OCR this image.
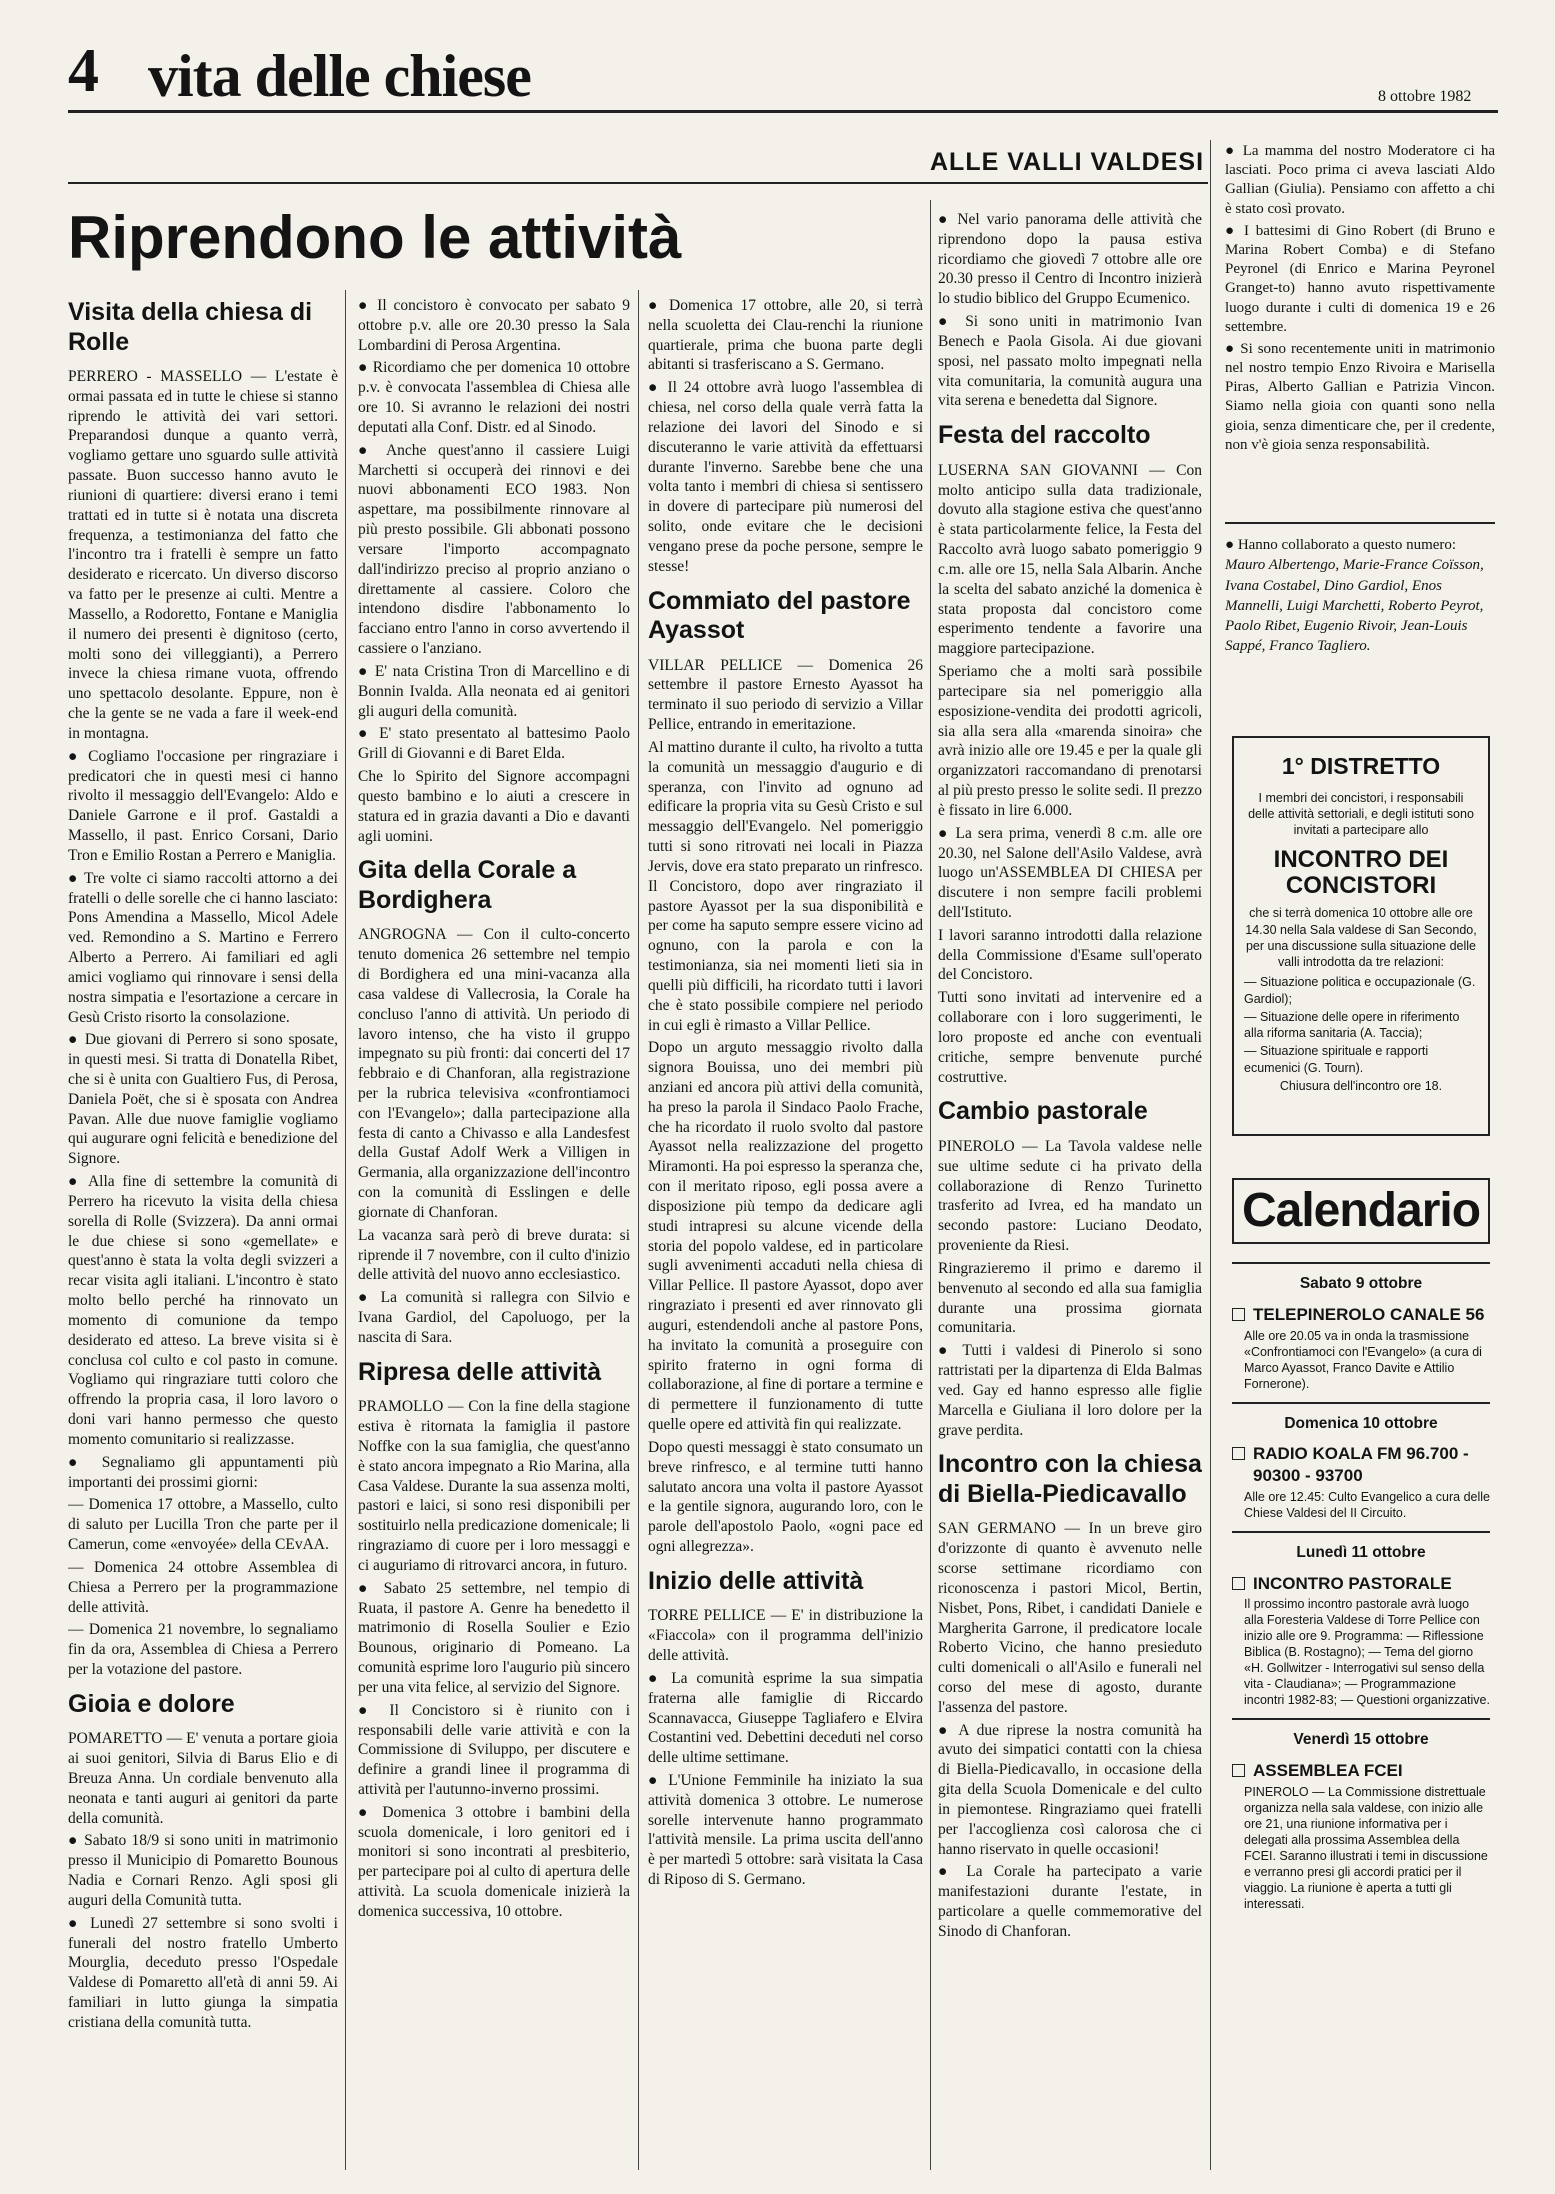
4 vita delle chiese	8 ottobre 1982
ALLE VALLI VALDESI
Riprendono le attività
Visita della chiesa di Rolle

PERRERO - MASSELLO — L'estate è ormai passata ed in tutte le chiese si stanno riprendo le attività dei vari settori. Preparandosi dunque a quanto verrà, vogliamo gettare uno sguardo sulle attività passate. Buon successo hanno avuto le riunioni di quartiere: diversi erano i temi trattati ed in tutte si è notata una discreta frequenza, a testimonianza del fatto che l'incontro tra i fratelli è sempre un fatto desiderato e ricercato. Un diverso discorso va fatto per le presenze ai culti. Mentre a Massello, a Rodoretto, Fontane e Maniglia il numero dei presenti è dignitoso (certo, molti sono dei villeggianti), a Perrero invece la chiesa rimane vuota, offrendo uno spettacolo desolante. Eppure, non è che la gente se ne vada a fare il week-end in montagna.

● Cogliamo l'occasione per ringraziare i predicatori che in questi mesi ci hanno rivolto il messaggio dell'Evangelo: Aldo e Daniele Garrone e il prof. Gastaldi a Massello, il past. Enrico Corsani, Dario Tron e Emilio Rostan a Perrero e Maniglia.

● Tre volte ci siamo raccolti attorno a dei fratelli o delle sorelle che ci hanno lasciato: Pons Amendina a Massello, Micol Adele ved. Remondino a S. Martino e Ferrero Alberto a Perrero. Ai familiari ed agli amici vogliamo qui rinnovare i sensi della nostra simpatia e l'esortazione a cercare in Gesù Cristo risorto la consolazione.

● Due giovani di Perrero si sono sposate, in questi mesi. Si tratta di Donatella Ribet, che si è unita con Gualtiero Fus, di Perosa, Daniela Poët, che si è sposata con Andrea Pavan. Alle due nuove famiglie vogliamo qui augurare ogni felicità e benedizione del Signore.

● Alla fine di settembre la comunità di Perrero ha ricevuto la visita della chiesa sorella di Rolle (Svizzera). Da anni ormai le due chiese si sono «gemellate» e quest'anno è stata la volta degli svizzeri a recar visita agli italiani. L'incontro è stato molto bello perché ha rinnovato un momento di comunione da tempo desiderato ed atteso. La breve visita si è conclusa col culto e col pasto in comune. Vogliamo qui ringraziare tutti coloro che offrendo la propria casa, il loro lavoro o doni vari hanno permesso che questo momento comunitario si realizzasse.

● Segnaliamo gli appuntamenti più importanti dei prossimi giorni:

— Domenica 17 ottobre, a Massello, culto di saluto per Lucilla Tron che parte per il Camerun, come «envoyée» della CEvAA.

— Domenica 24 ottobre Assemblea di Chiesa a Perrero per la programmazione delle attività.

— Domenica 21 novembre, lo segnaliamo fin da ora, Assemblea di Chiesa a Perrero per la votazione del pastore.

Gioia e dolore

POMARETTO — E' venuta a portare gioia ai suoi genitori, Silvia di Barus Elio e di Breuza Anna. Un cordiale benvenuto alla neonata e tanti auguri ai genitori da parte della comunità.

● Sabato 18/9 si sono uniti in matrimonio presso il Municipio di Pomaretto Bounous Nadia e Cornari Renzo. Agli sposi gli auguri della Comunità tutta.

● Lunedì 27 settembre si sono svolti i funerali del nostro fratello Umberto Mourglia, deceduto presso l'Ospedale Valdese di Pomaretto all'età di anni 59. Ai familiari in lutto giunga la simpatia cristiana della comunità tutta.

● Il concistoro è convocato per sabato 9 ottobre p.v. alle ore 20.30 presso la Sala Lombardini di Perosa Argentina.

● Ricordiamo che per domenica 10 ottobre p.v. è convocata l'assemblea di Chiesa alle ore 10. Si avranno le relazioni dei nostri deputati alla Conf. Distr. ed al Sinodo.

● Anche quest'anno il cassiere Luigi Marchetti si occuperà dei rinnovi e dei nuovi abbonamenti ECO 1983. Non aspettare, ma possibilmente rinnovare al più presto possibile. Gli abbonati possono versare l'importo accompagnato dall'indirizzo preciso al proprio anziano o direttamente al cassiere. Coloro che intendono disdire l'abbonamento lo facciano entro l'anno in corso avvertendo il cassiere o l'anziano.

● E' nata Cristina Tron di Marcellino e di Bonnin Ivalda. Alla neonata ed ai genitori gli auguri della comunità.

● E' stato presentato al battesimo Paolo Grill di Giovanni e di Baret Elda.

Che lo Spirito del Signore accompagni questo bambino e lo aiuti a crescere in statura ed in grazia davanti a Dio e davanti agli uomini.

Gita della Corale a Bordighera

ANGROGNA — Con il culto-concerto tenuto domenica 26 settembre nel tempio di Bordighera ed una mini-vacanza alla casa valdese di Vallecrosia, la Corale ha concluso l'anno di attività. Un periodo di lavoro intenso, che ha visto il gruppo impegnato su più fronti: dai concerti del 17 febbraio e di Chanforan, alla registrazione per la rubrica televisiva «confrontiamoci con l'Evangelo»; dalla partecipazione alla festa di canto a Chivasso e alla Landesfest della Gustaf Adolf Werk a Villigen in Germania, alla organizzazione dell'incontro con la comunità di Esslingen e delle giornate di Chanforan.

La vacanza sarà però di breve durata: si riprende il 7 novembre, con il culto d'inizio delle attività del nuovo anno ecclesiastico.

● La comunità si rallegra con Silvio e Ivana Gardiol, del Capoluogo, per la nascita di Sara.

Ripresa delle attività

PRAMOLLO — Con la fine della stagione estiva è ritornata la famiglia il pastore Noffke con la sua famiglia, che quest'anno è stato ancora impegnato a Rio Marina, alla Casa Valdese. Durante la sua assenza molti, pastori e laici, si sono resi disponibili per sostituirlo nella predicazione domenicale; li ringraziamo di cuore per i loro messaggi e ci auguriamo di ritrovarci ancora, in futuro.

● Sabato 25 settembre, nel tempio di Ruata, il pastore A. Genre ha benedetto il matrimonio di Rosella Soulier e Ezio Bounous, originario di Pomeano. La comunità esprime loro l'augurio più sincero per una vita felice, al servizio del Signore.

● Il Concistoro si è riunito con i responsabili delle varie attività e con la Commissione di Sviluppo, per discutere e definire a grandi linee il programma di attività per l'autunno-inverno prossimi.

● Domenica 3 ottobre i bambini della scuola domenicale, i loro genitori ed i monitori si sono incontrati al presbiterio, per partecipare poi al culto di apertura delle attività. La scuola domenicale inizierà la domenica successiva, 10 ottobre.

● Domenica 17 ottobre, alle 20, si terrà nella scuoletta dei Clau-renchi la riunione quartierale, prima che buona parte degli abitanti si trasferiscano a S. Germano.

● Il 24 ottobre avrà luogo l'assemblea di chiesa, nel corso della quale verrà fatta la relazione dei lavori del Sinodo e si discuteranno le varie attività da effettuarsi durante l'inverno. Sarebbe bene che una volta tanto i membri di chiesa si sentissero in dovere di partecipare più numerosi del solito, onde evitare che le decisioni vengano prese da poche persone, sempre le stesse!

Commiato del pastore Ayassot

VILLAR PELLICE — Domenica 26 settembre il pastore Ernesto Ayassot ha terminato il suo periodo di servizio a Villar Pellice, entrando in emeritazione.

Al mattino durante il culto, ha rivolto a tutta la comunità un messaggio d'augurio e di speranza, con l'invito ad ognuno ad edificare la propria vita su Gesù Cristo e sul messaggio dell'Evangelo. Nel pomeriggio tutti si sono ritrovati nei locali in Piazza Jervis, dove era stato preparato un rinfresco. Il Concistoro, dopo aver ringraziato il pastore Ayassot per la sua disponibilità e per come ha saputo sempre essere vicino ad ognuno, con la parola e con la testimonianza, sia nei momenti lieti sia in quelli più difficili, ha ricordato tutti i lavori che è stato possibile compiere nel periodo in cui egli è rimasto a Villar Pellice.

Dopo un arguto messaggio rivolto dalla signora Bouissa, uno dei membri più anziani ed ancora più attivi della comunità, ha preso la parola il Sindaco Paolo Frache, che ha ricordato il ruolo svolto dal pastore Ayassot nella realizzazione del progetto Miramonti. Ha poi espresso la speranza che, con il meritato riposo, egli possa avere a disposizione più tempo da dedicare agli studi intrapresi su alcune vicende della storia del popolo valdese, ed in particolare sugli avvenimenti accaduti nella chiesa di Villar Pellice. Il pastore Ayassot, dopo aver ringraziato i presenti ed aver rinnovato gli auguri, estendendoli anche al pastore Pons, ha invitato la comunità a proseguire con spirito fraterno in ogni forma di collaborazione, al fine di portare a termine e di permettere il funzionamento di tutte quelle opere ed attività fin qui realizzate.

Dopo questi messaggi è stato consumato un breve rinfresco, e al termine tutti hanno salutato ancora una volta il pastore Ayassot e la gentile signora, augurando loro, con le parole dell'apostolo Paolo, «ogni pace ed ogni allegrezza».

Inizio delle attività

TORRE PELLICE — E' in distribuzione la «Fiaccola» con il programma dell'inizio delle attività.

● La comunità esprime la sua simpatia fraterna alle famiglie di Riccardo Scannavacca, Giuseppe Tagliafero e Elvira Costantini ved. Debettini deceduti nel corso delle ultime settimane.

● L'Unione Femminile ha iniziato la sua attività domenica 3 ottobre. Le numerose sorelle intervenute hanno programmato l'attività mensile. La prima uscita dell'anno è per martedì 5 ottobre: sarà visitata la Casa di Riposo di S. Germano.

● Nel vario panorama delle attività che riprendono dopo la pausa estiva ricordiamo che giovedì 7 ottobre alle ore 20.30 presso il Centro di Incontro inizierà lo studio biblico del Gruppo Ecumenico.

● Si sono uniti in matrimonio Ivan Benech e Paola Gisola. Ai due giovani sposi, nel passato molto impegnati nella vita comunitaria, la comunità augura una vita serena e benedetta dal Signore.

Festa del raccolto

LUSERNA SAN GIOVANNI — Con molto anticipo sulla data tradizionale, dovuto alla stagione estiva che quest'anno è stata particolarmente felice, la Festa del Raccolto avrà luogo sabato pomeriggio 9 c.m. alle ore 15, nella Sala Albarin. Anche la scelta del sabato anziché la domenica è stata proposta dal concistoro come esperimento tendente a favorire una maggiore partecipazione.

Speriamo che a molti sarà possibile partecipare sia nel pomeriggio alla esposizione-vendita dei prodotti agricoli, sia alla sera alla «marenda sinoira» che avrà inizio alle ore 19.45 e per la quale gli organizzatori raccomandano di prenotarsi al più presto presso le solite sedi. Il prezzo è fissato in lire 6.000.

● La sera prima, venerdì 8 c.m. alle ore 20.30, nel Salone dell'Asilo Valdese, avrà luogo un'ASSEMBLEA DI CHIESA per discutere i non sempre facili problemi dell'Istituto.

I lavori saranno introdotti dalla relazione della Commissione d'Esame sull'operato del Concistoro.

Tutti sono invitati ad intervenire ed a collaborare con i loro suggerimenti, le loro proposte ed anche con eventuali critiche, sempre benvenute purché costruttive.

Cambio pastorale

PINEROLO — La Tavola valdese nelle sue ultime sedute ci ha privato della collaborazione di Renzo Turinetto trasferito ad Ivrea, ed ha mandato un secondo pastore: Luciano Deodato, proveniente da Riesi.

Ringrazieremo il primo e daremo il benvenuto al secondo ed alla sua famiglia durante una prossima giornata comunitaria.

● Tutti i valdesi di Pinerolo si sono rattristati per la dipartenza di Elda Balmas ved. Gay ed hanno espresso alle figlie Marcella e Giuliana il loro dolore per la grave perdita.

Incontro con la chiesa di Biella-Piedicavallo

SAN GERMANO — In un breve giro d'orizzonte di quanto è avvenuto nelle scorse settimane ricordiamo con riconoscenza i pastori Micol, Bertin, Nisbet, Pons, Ribet, i candidati Daniele e Margherita Garrone, il predicatore locale Roberto Vicino, che hanno presieduto culti domenicali o all'Asilo e funerali nel corso del mese di agosto, durante l'assenza del pastore.

● A due riprese la nostra comunità ha avuto dei simpatici contatti con la chiesa di Biella-Piedicavallo, in occasione della gita della Scuola Domenicale e del culto in piemontese. Ringraziamo quei fratelli per l'accoglienza così calorosa che ci hanno riservato in quelle occasioni!

● La Corale ha partecipato a varie manifestazioni durante l'estate, in particolare a quelle commemorative del Sinodo di Chanforan.

● La mamma del nostro Moderatore ci ha lasciati. Poco prima ci aveva lasciati Aldo Gallian (Giulia). Pensiamo con affetto a chi è stato così provato.

● I battesimi di Gino Robert (di Bruno e Marina Robert Comba) e di Stefano Peyronel (di Enrico e Marina Peyronel Granget-to) hanno avuto rispettivamente luogo durante i culti di domenica 19 e 26 settembre.

● Si sono recentemente uniti in matrimonio nel nostro tempio Enzo Rivoira e Marisella Piras, Alberto Gallian e Patrizia Vincon. Siamo nella gioia con quanti sono nella gioia, senza dimenticare che, per il credente, non v'è gioia senza responsabilità.

● Hanno collaborato a questo numero: Mauro Albertengo, Marie-France Coïsson, Ivana Costabel, Dino Gardiol, Enos Mannelli, Luigi Marchetti, Roberto Peyrot, Paolo Ribet, Eugenio Rivoir, Jean-Louis Sappé, Franco Tagliero.
1° DISTRETTO
I membri dei concistori, i responsabili delle attività settoriali, e degli istituti sono invitati a partecipare allo
INCONTRO DEI CONCISTORI
che si terrà domenica 10 ottobre alle ore 14.30 nella Sala valdese di San Secondo, per una discussione sulla situazione delle valli introdotta da tre relazioni:
— Situazione politica e occupazionale (G. Gardiol);
— Situazione delle opere in riferimento alla riforma sanitaria (A. Taccia);
— Situazione spirituale e rapporti ecumenici (G. Tourn).
Chiusura dell'incontro ore 18.
Calendario
Sabato 9 ottobre
TELEPINEROLO CANALE 56
Alle ore 20.05 va in onda la trasmissione «Confrontiamoci con l'Evangelo» (a cura di Marco Ayassot, Franco Davite e Attilio Fornerone).
Domenica 10 ottobre
RADIO KOALA FM 96.700 - 90300 - 93700
Alle ore 12.45: Culto Evangelico a cura delle Chiese Valdesi del II Circuito.
Lunedì 11 ottobre
INCONTRO PASTORALE
Il prossimo incontro pastorale avrà luogo alla Foresteria Valdese di Torre Pellice con inizio alle ore 9. Programma: — Riflessione Biblica (B. Rostagno); — Tema del giorno «H. Gollwitzer - Interrogativi sul senso della vita - Claudiana»; — Programmazione incontri 1982-83; — Questioni organizzative.
Venerdì 15 ottobre
ASSEMBLEA FCEI
PINEROLO — La Commissione distrettuale organizza nella sala valdese, con inizio alle ore 21, una riunione informativa per i delegati alla prossima Assemblea della FCEI. Saranno illustrati i temi in discussione e verranno presi gli accordi pratici per il viaggio. La riunione è aperta a tutti gli interessati.
